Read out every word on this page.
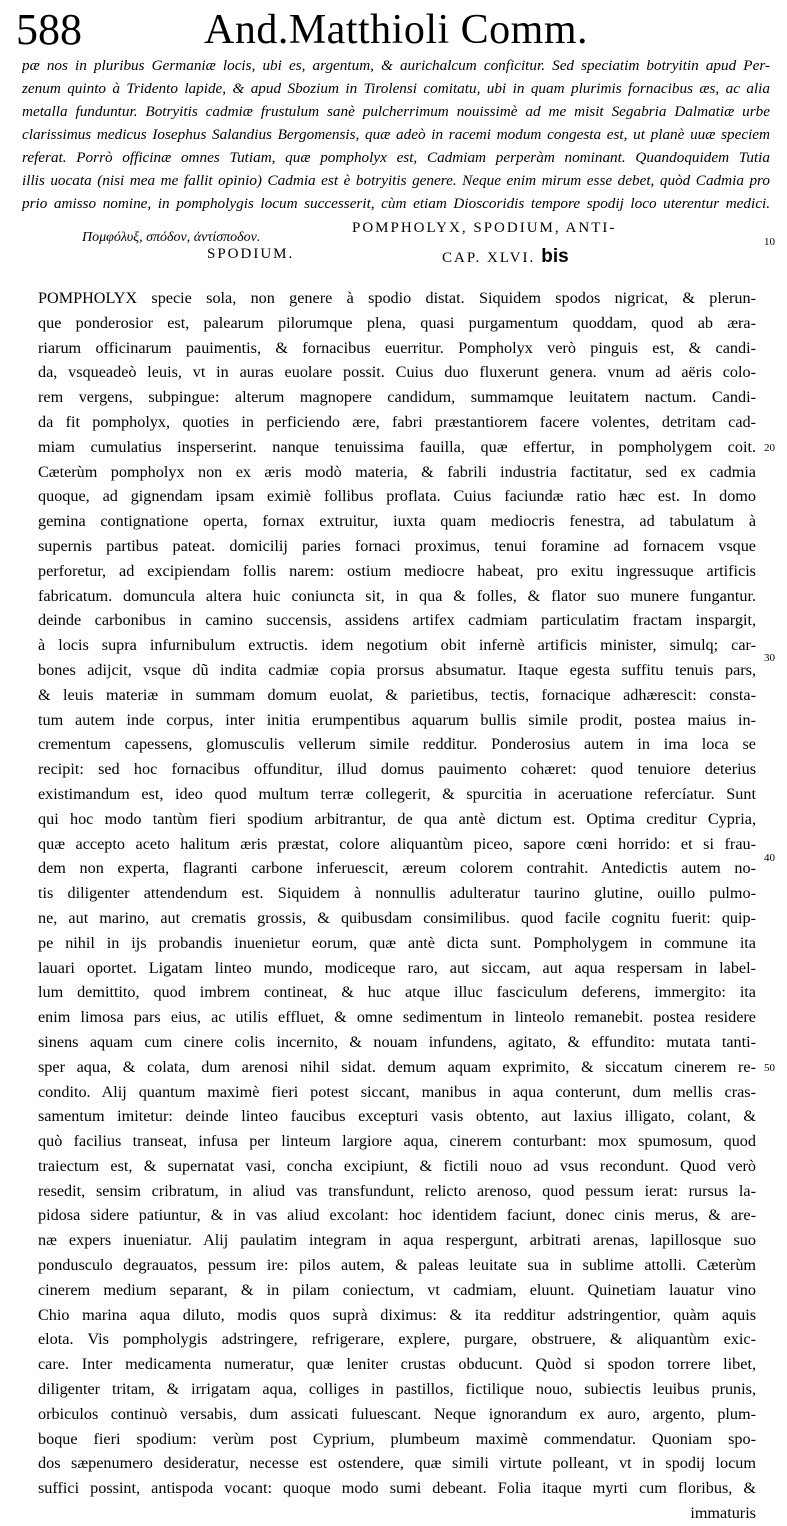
588	And.Matthioli Comm.
pæ nos in pluribus Germaniæ locis, ubi es, argentum, & aurichalcum conficitur. Sed speciatim botryitin apud Per-
zenum quinto à Tridento lapide, & apud Sbozium in Tirolensi comitatu, ubi in quam plurimis fornacibus æs, ac alia
metalla funduntur. Botryitis cadmiæ frustulum sanè pulcherrimum nouissimè ad me misit Segabria Dalmatiæ urbe
clarissimus medicus Iosephus Salandius Bergomensis, quæ adeò in racemi modum congesta est, ut planè uuæ speciem
referat. Porrò officinæ omnes Tutiam, quæ pompholyx est, Cadmiam perperàm nominant. Quandoquidem Tutia
illis uocata (nisi mea me fallit opinio) Cadmia est è botryitis genere. Neque enim mirum esse debet, quòd Cadmia pro
prio amisso nomine, in pompholygis locum successerit, cùm etiam Dioscoridis tempore spodij loco uterentur medici.
Πομφόλυξ, σπόδον, ἀντίσποδον.
POMPHOLYX, SPODIUM, ANTI-
SPODIUM.	CAP. XLVI. bis
POMPHOLYX specie sola, non genere à spodio distat. Siquidem spodos nigricat, & plerun-
que ponderosior est, palearum pilorumque plena, quasi purgamentum quoddam, quod ab æra-
riarum officinarum pauimentis, & fornacibus euerritur. Pompholyx verò pinguis est, & candi-
da, vsqueadeò leuis, vt in auras euolare possit. Cuius duo fluxerunt genera. vnum ad aëris colo-
rem vergens, subpingue: alterum magnopere candidum, summamque leuitatem nactum. Candi-
da fit pompholyx, quoties in perficiendo ære, fabri præstantiorem facere volentes, detritam cad-
miam cumulatius insperserint. nanque tenuissima fauilla, quæ effertur, in pompholygem coit.
Cæterùm pompholyx non ex æris modò materia, & fabrili industria factitatur, sed ex cadmia
quoque, ad gignendam ipsam eximiè follibus proflata. Cuius faciundæ ratio hæc est. In domo
gemina contignatione operta, fornax extruitur, iuxta quam mediocris fenestra, ad tabulatum à
supernis partibus pateat. domicilij paries fornaci proximus, tenui foramine ad fornacem vsque
perforetur, ad excipiendam follis narem: ostium mediocre habeat, pro exitu ingressuque artificis
fabricatum. domuncula altera huic coniuncta sit, in qua & folles, & flator suo munere fungantur.
deinde carbonibus in camino succensis, assidens artifex cadmiam particulatim fractam inspargit,
à locis supra infurnibulum extructis. idem negotium obit infernè artificis minister, simulq; car-
bones adijcit, vsque dũ indita cadmiæ copia prorsus absumatur. Itaque egesta suffitu tenuis pars,
& leuis materiæ in summam domum euolat, & parietibus, tectis, fornacique adhærescit: consta-
tum autem inde corpus, inter initia erumpentibus aquarum bullis simile prodit, postea maius in-
crementum capessens, glomusculis vellerum simile redditur. Ponderosius autem in ima loca se
recipit: sed hoc fornacibus offunditur, illud domus pauimento cohæret: quod tenuiore deterius
existimandum est, ideo quod multum terræ collegerit, & spurcitia in aceruatione refercíatur. Sunt
qui hoc modo tantùm fieri spodium arbitrantur, de qua antè dictum est. Optima creditur Cypria,
quæ accepto aceto halitum æris præstat, colore aliquantùm piceo, sapore cœni horrido: et si frau-
dem non experta, flagranti carbone inferuescit, æreum colorem contrahit. Antedictis autem no-
tis diligenter attendendum est. Siquidem à nonnullis adulteratur taurino glutine, ouillo pulmo-
ne, aut marino, aut crematis grossis, & quibusdam consimilibus. quod facile cognitu fuerit: quip-
pe nihil in ijs probandis inuenietur eorum, quæ antè dicta sunt. Pompholygem in commune ita
lauari oportet. Ligatam linteo mundo, modiceque raro, aut siccam, aut aqua respersam in label-
lum demittito, quod imbrem contineat, & huc atque illuc fasciculum deferens, immergito: ita
enim limosa pars eius, ac utilis effluet, & omne sedimentum in linteolo remanebit. postea residere
sinens aquam cum cinere colis incernito, & nouam infundens, agitato, & effundito: mutata tanti-
sper aqua, & colata, dum arenosi nihil sidat. demum aquam exprimito, & siccatum cinerem re-
condito. Alij quantum maximè fieri potest siccant, manibus in aqua conterunt, dum mellis cras-
samentum imitetur: deinde linteo faucibus excepturi vasis obtento, aut laxius illigato, colant, &
quò facilius transeat, infusa per linteum largiore aqua, cinerem conturbant: mox spumosum, quod
traiectum est, & supernatat vasi, concha excipiunt, & fictili nouo ad vsus recondunt. Quod verò
resedit, sensim cribratum, in aliud vas transfundunt, relicto arenoso, quod pessum ierat: rursus la-
pidosa sidere patiuntur, & in vas aliud excolant: hoc identidem faciunt, donec cinis merus, & are-
næ expers inueniatur. Alij paulatim integram in aqua respergunt, arbitrati arenas, lapillosque suo
pondusculo degrauatos, pessum ire: pilos autem, & paleas leuitate sua in sublime attolli. Cæterùm
cinerem medium separant, & in pilam coniectum, vt cadmiam, eluunt. Quinetiam lauatur vino
Chio marina aqua diluto, modis quos suprà diximus: & ita redditur adstringentior, quàm aquis
elota. Vis pompholygis adstringere, refrigerare, explere, purgare, obstruere, & aliquantùm exic-
care. Inter medicamenta numeratur, quæ leniter crustas obducunt. Quòd si spodon torrere libet,
diligenter tritam, & irrigatam aqua, colliges in pastillos, fictilique nouo, subiectis leuibus prunis,
orbiculos continuò versabis, dum assicati fuluescant. Neque ignorandum ex auro, argento, plum-
boque fieri spodium: verùm post Cyprium, plumbeum maximè commendatur. Quoniam spo-
dos sæpenumero desideratur, necesse est ostendere, quæ simili virtute polleant, vt in spodij locum
suffici possint, antispoda vocant: quoque modo sumi debeant. Folia itaque myrti cum floribus, &
immaturis
10
20
30
40
50
